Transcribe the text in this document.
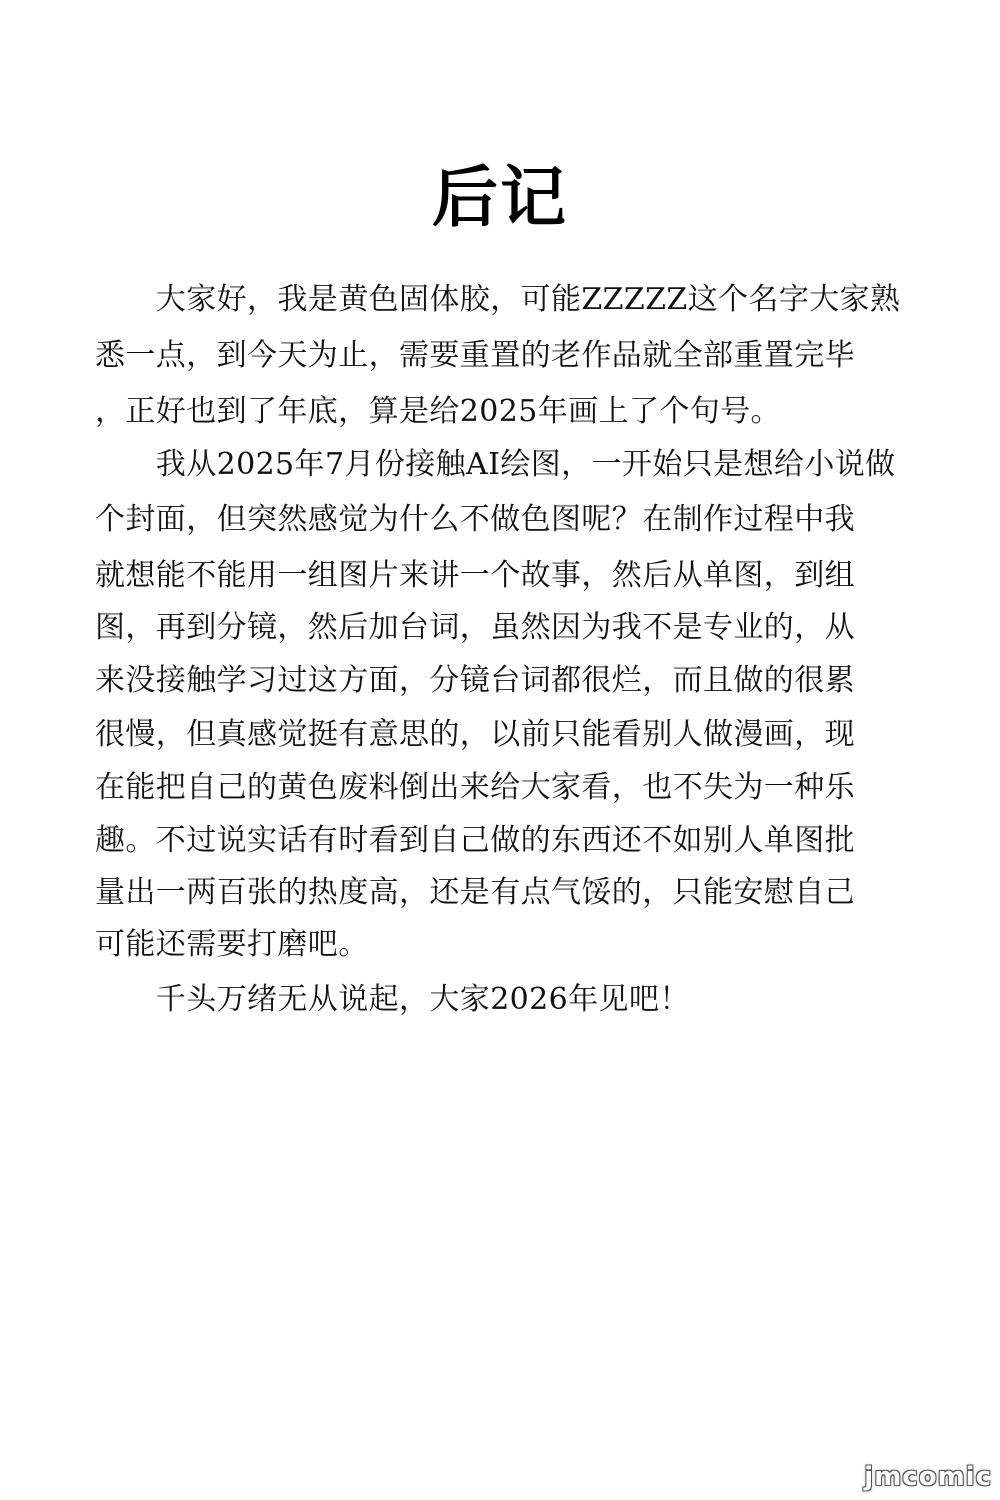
后记
　　大家好，我是黄色固体胶，可能ZZZZZ这个名字大家熟
悉一点，到今天为止，需要重置的老作品就全部重置完毕
，正好也到了年底，算是给2025年画上了个句号。
　　我从2025年7月份接触AI绘图，一开始只是想给小说做
个封面，但突然感觉为什么不做色图呢？在制作过程中我
就想能不能用一组图片来讲一个故事，然后从单图，到组
图，再到分镜，然后加台词，虽然因为我不是专业的，从
来没接触学习过这方面，分镜台词都很烂，而且做的很累
很慢，但真感觉挺有意思的，以前只能看别人做漫画，现
在能把自己的黄色废料倒出来给大家看，也不失为一种乐
趣。不过说实话有时看到自己做的东西还不如别人单图批
量出一两百张的热度高，还是有点气馁的，只能安慰自己
可能还需要打磨吧。
　　千头万绪无从说起，大家2026年见吧！
jmcomic
